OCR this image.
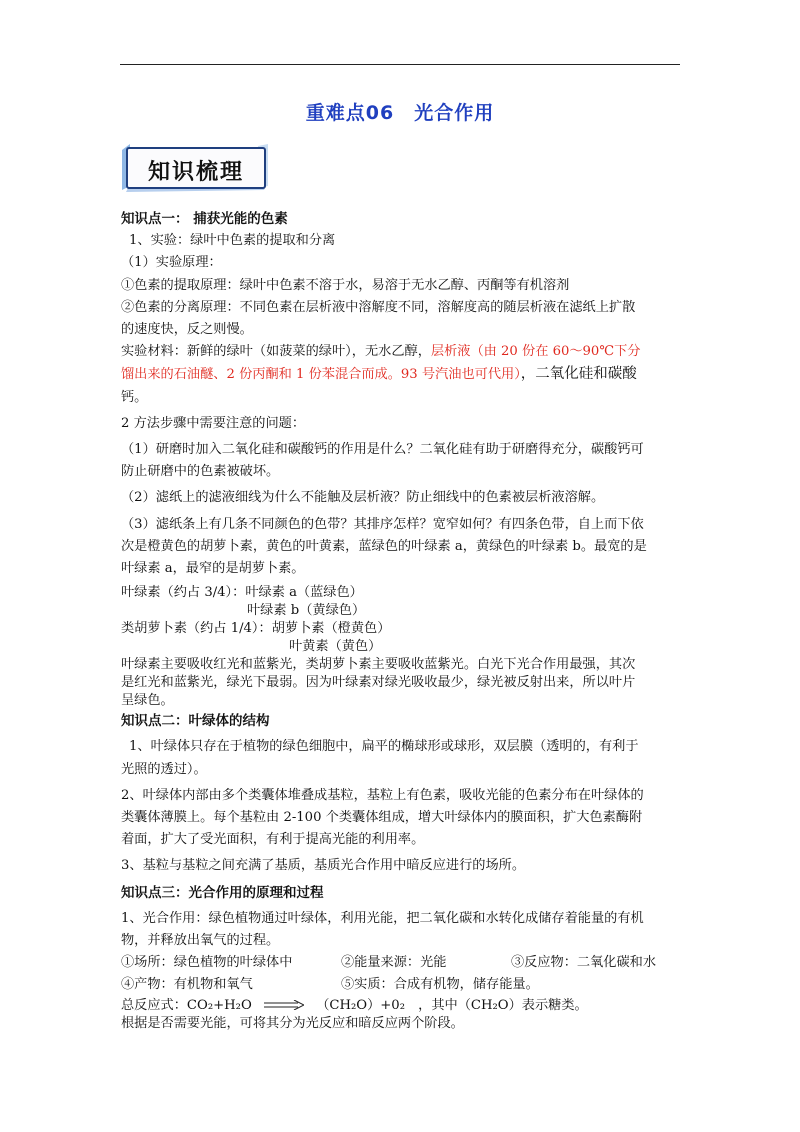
重难点06　光合作用
知识梳理
知识点一： 捕获光能的色素
1、实验：绿叶中色素的提取和分离
（1）实验原理：
①色素的提取原理：绿叶中色素不溶于水，易溶于无水乙醇、丙酮等有机溶剂
②色素的分离原理：不同色素在层析液中溶解度不同，溶解度高的随层析液在滤纸上扩散
的速度快，反之则慢。
实验材料：新鲜的绿叶（如菠菜的绿叶），无水乙醇，层析液（由 20 份在 60～90℃下分
馏出来的石油醚、2 份丙酮和 1 份苯混合而成。93 号汽油也可代用），二氧化硅和碳酸
钙。
2 方法步骤中需要注意的问题：
（1）研磨时加入二氧化硅和碳酸钙的作用是什么？二氧化硅有助于研磨得充分，碳酸钙可
防止研磨中的色素被破坏。
（2）滤纸上的滤液细线为什么不能触及层析液？防止细线中的色素被层析液溶解。
（3）滤纸条上有几条不同颜色的色带？其排序怎样？宽窄如何？有四条色带，自上而下依
次是橙黄色的胡萝卜素，黄色的叶黄素，蓝绿色的叶绿素 a，黄绿色的叶绿素 b。最宽的是
叶绿素 a，最窄的是胡萝卜素。
叶绿素（约占 3/4）：叶绿素 a（蓝绿色）
叶绿素 b（黄绿色）
类胡萝卜素（约占 1/4）：胡萝卜素（橙黄色）
叶黄素（黄色）
叶绿素主要吸收红光和蓝紫光，类胡萝卜素主要吸收蓝紫光。白光下光合作用最强，其次
是红光和蓝紫光，绿光下最弱。因为叶绿素对绿光吸收最少，绿光被反射出来，所以叶片
呈绿色。
知识点二：叶绿体的结构
1、叶绿体只存在于植物的绿色细胞中，扁平的椭球形或球形，双层膜（透明的，有利于
光照的透过）。
2、叶绿体内部由多个类囊体堆叠成基粒，基粒上有色素，吸收光能的色素分布在叶绿体的
类囊体薄膜上。每个基粒由 2-100 个类囊体组成，增大叶绿体内的膜面积，扩大色素酶附
着面，扩大了受光面积，有利于提高光能的利用率。
3、基粒与基粒之间充满了基质，基质光合作用中暗反应进行的场所。
知识点三：光合作用的原理和过程
1、光合作用：绿色植物通过叶绿体，利用光能，把二氧化碳和水转化成储存着能量的有机
物，并释放出氧气的过程。
①场所：绿色植物的叶绿体中	②能量来源：光能	③反应物：二氧化碳和水
④产物：有机物和氧气	⑤实质：合成有机物，储存能量。
总反应式：CO₂+H₂O	（CH₂O）+0₂　，其中（CH₂O）表示糖类。
根据是否需要光能，可将其分为光反应和暗反应两个阶段。
